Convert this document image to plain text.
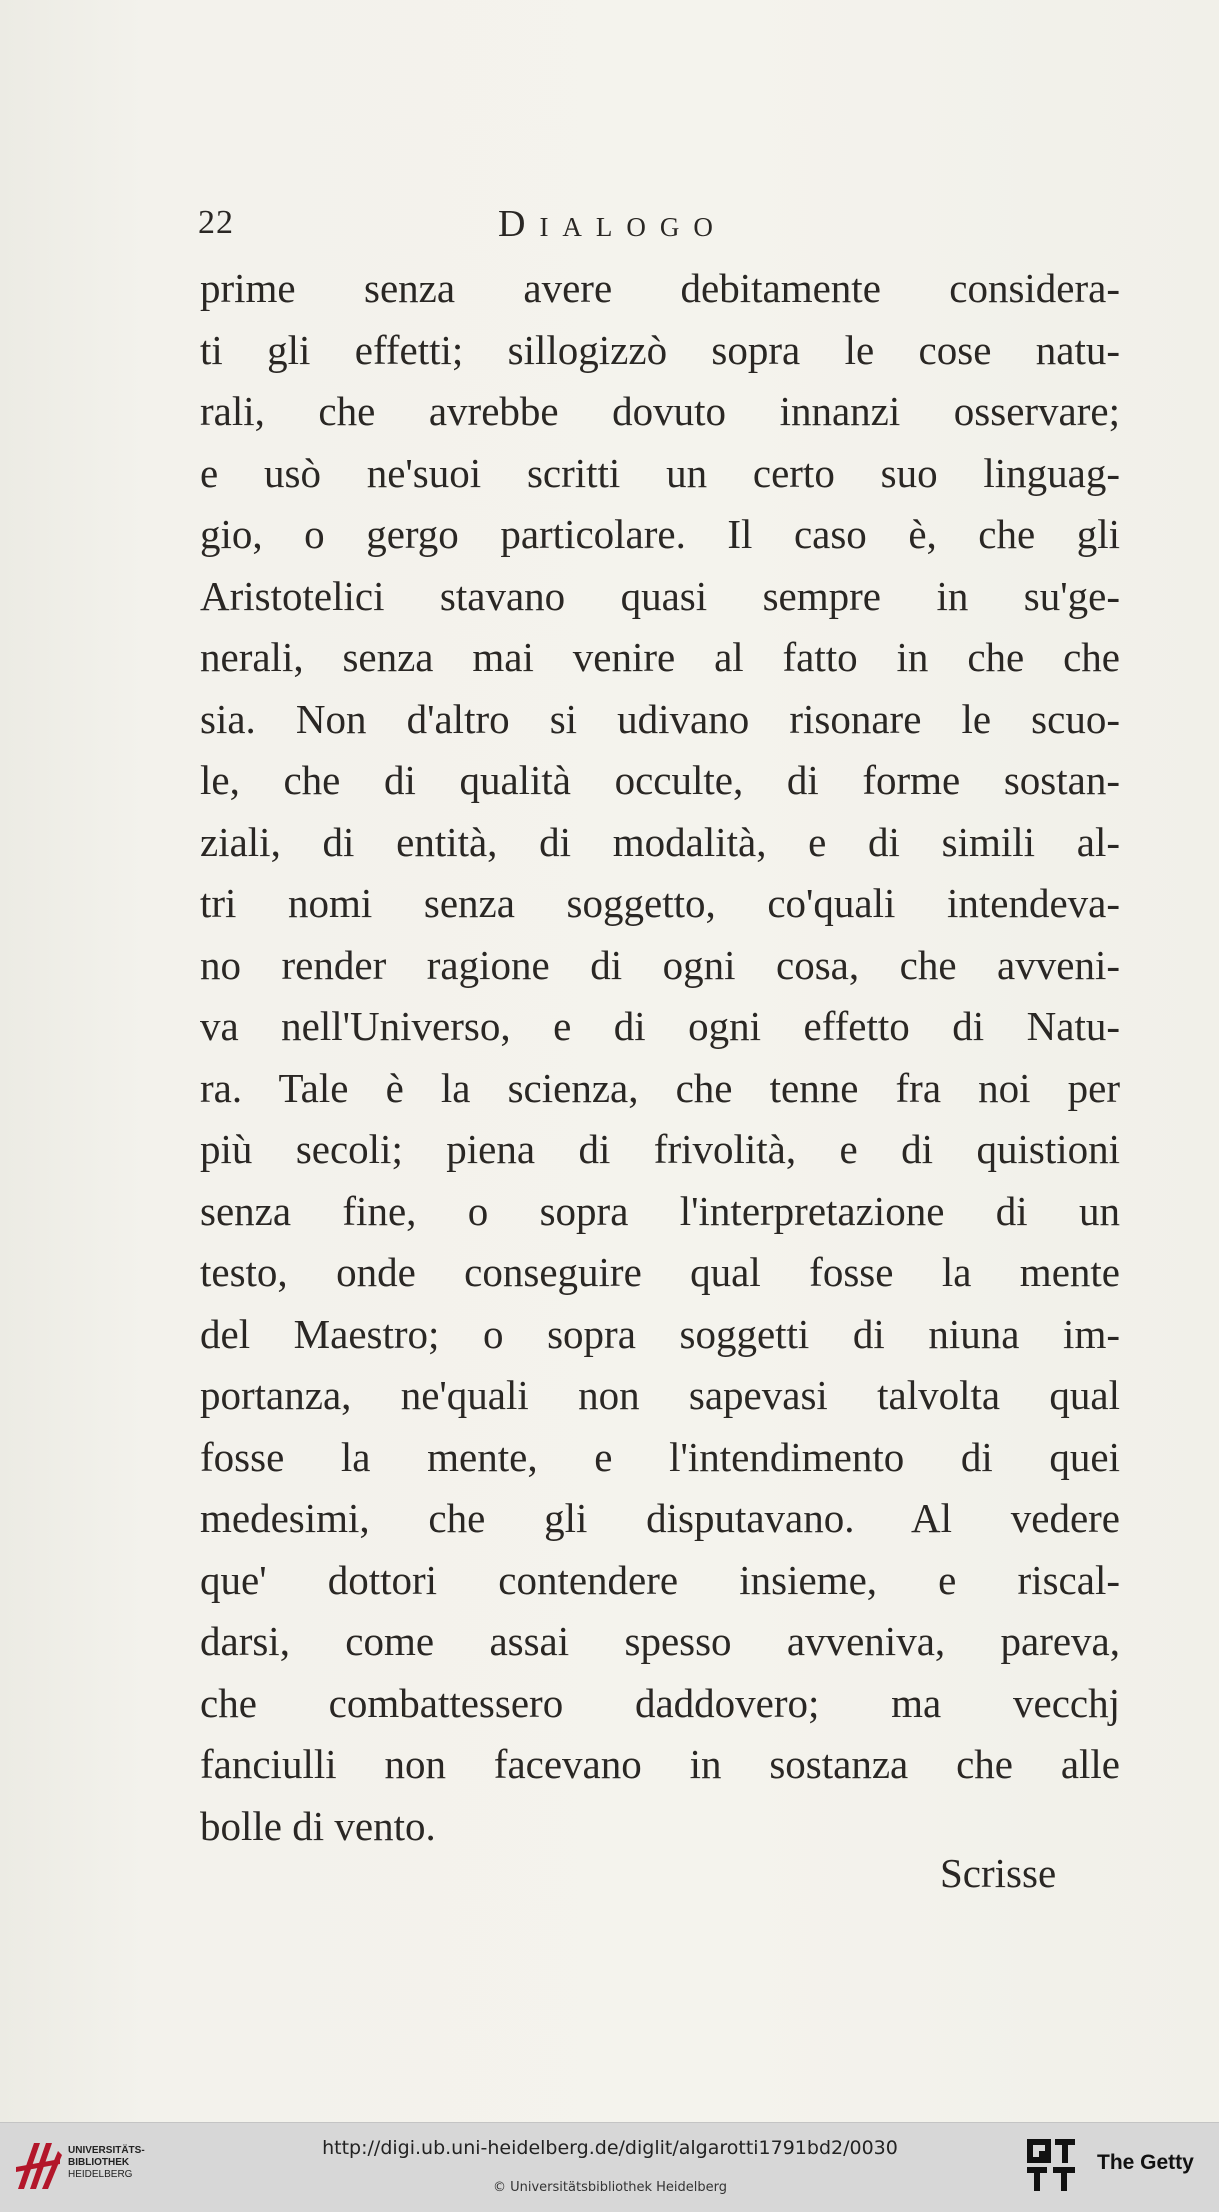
22	Dialogo
prime senza avere debitamente considera-
ti gli effetti; sillogizzò sopra le cose natu-
rali, che avrebbe dovuto innanzi osservare;
e usò ne'suoi scritti un certo suo linguag-
gio, o gergo particolare. Il caso è, che gli
Aristotelici stavano quasi sempre in su'ge-
nerali, senza mai venire al fatto in che che
sia. Non d'altro si udivano risonare le scuo-
le, che di qualità occulte, di forme sostan-
ziali, di entità, di modalità, e di simili al-
tri nomi senza soggetto, co'quali intendeva-
no render ragione di ogni cosa, che avveni-
va nell'Universo, e di ogni effetto di Natu-
ra. Tale è la scienza, che tenne fra noi per
più secoli; piena di frivolità, e di quistioni
senza fine, o sopra l'interpretazione di un
testo, onde conseguire qual fosse la mente
del Maestro; o sopra soggetti di niuna im-
portanza, ne'quali non sapevasi talvolta qual
fosse la mente, e l'intendimento di quei
medesimi, che gli disputavano. Al vedere
que' dottori contendere insieme, e riscal-
darsi, come assai spesso avveniva, pareva,
che combattessero daddovero; ma vecchj
fanciulli non facevano in sostanza che alle
bolle di vento.
Scrisse
UNIVERSITÄTS-
BIBLIOTHEK
HEIDELBERG
http://digi.ub.uni-heidelberg.de/diglit/algarotti1791bd2/0030
© Universitätsbibliothek Heidelberg
The Getty
